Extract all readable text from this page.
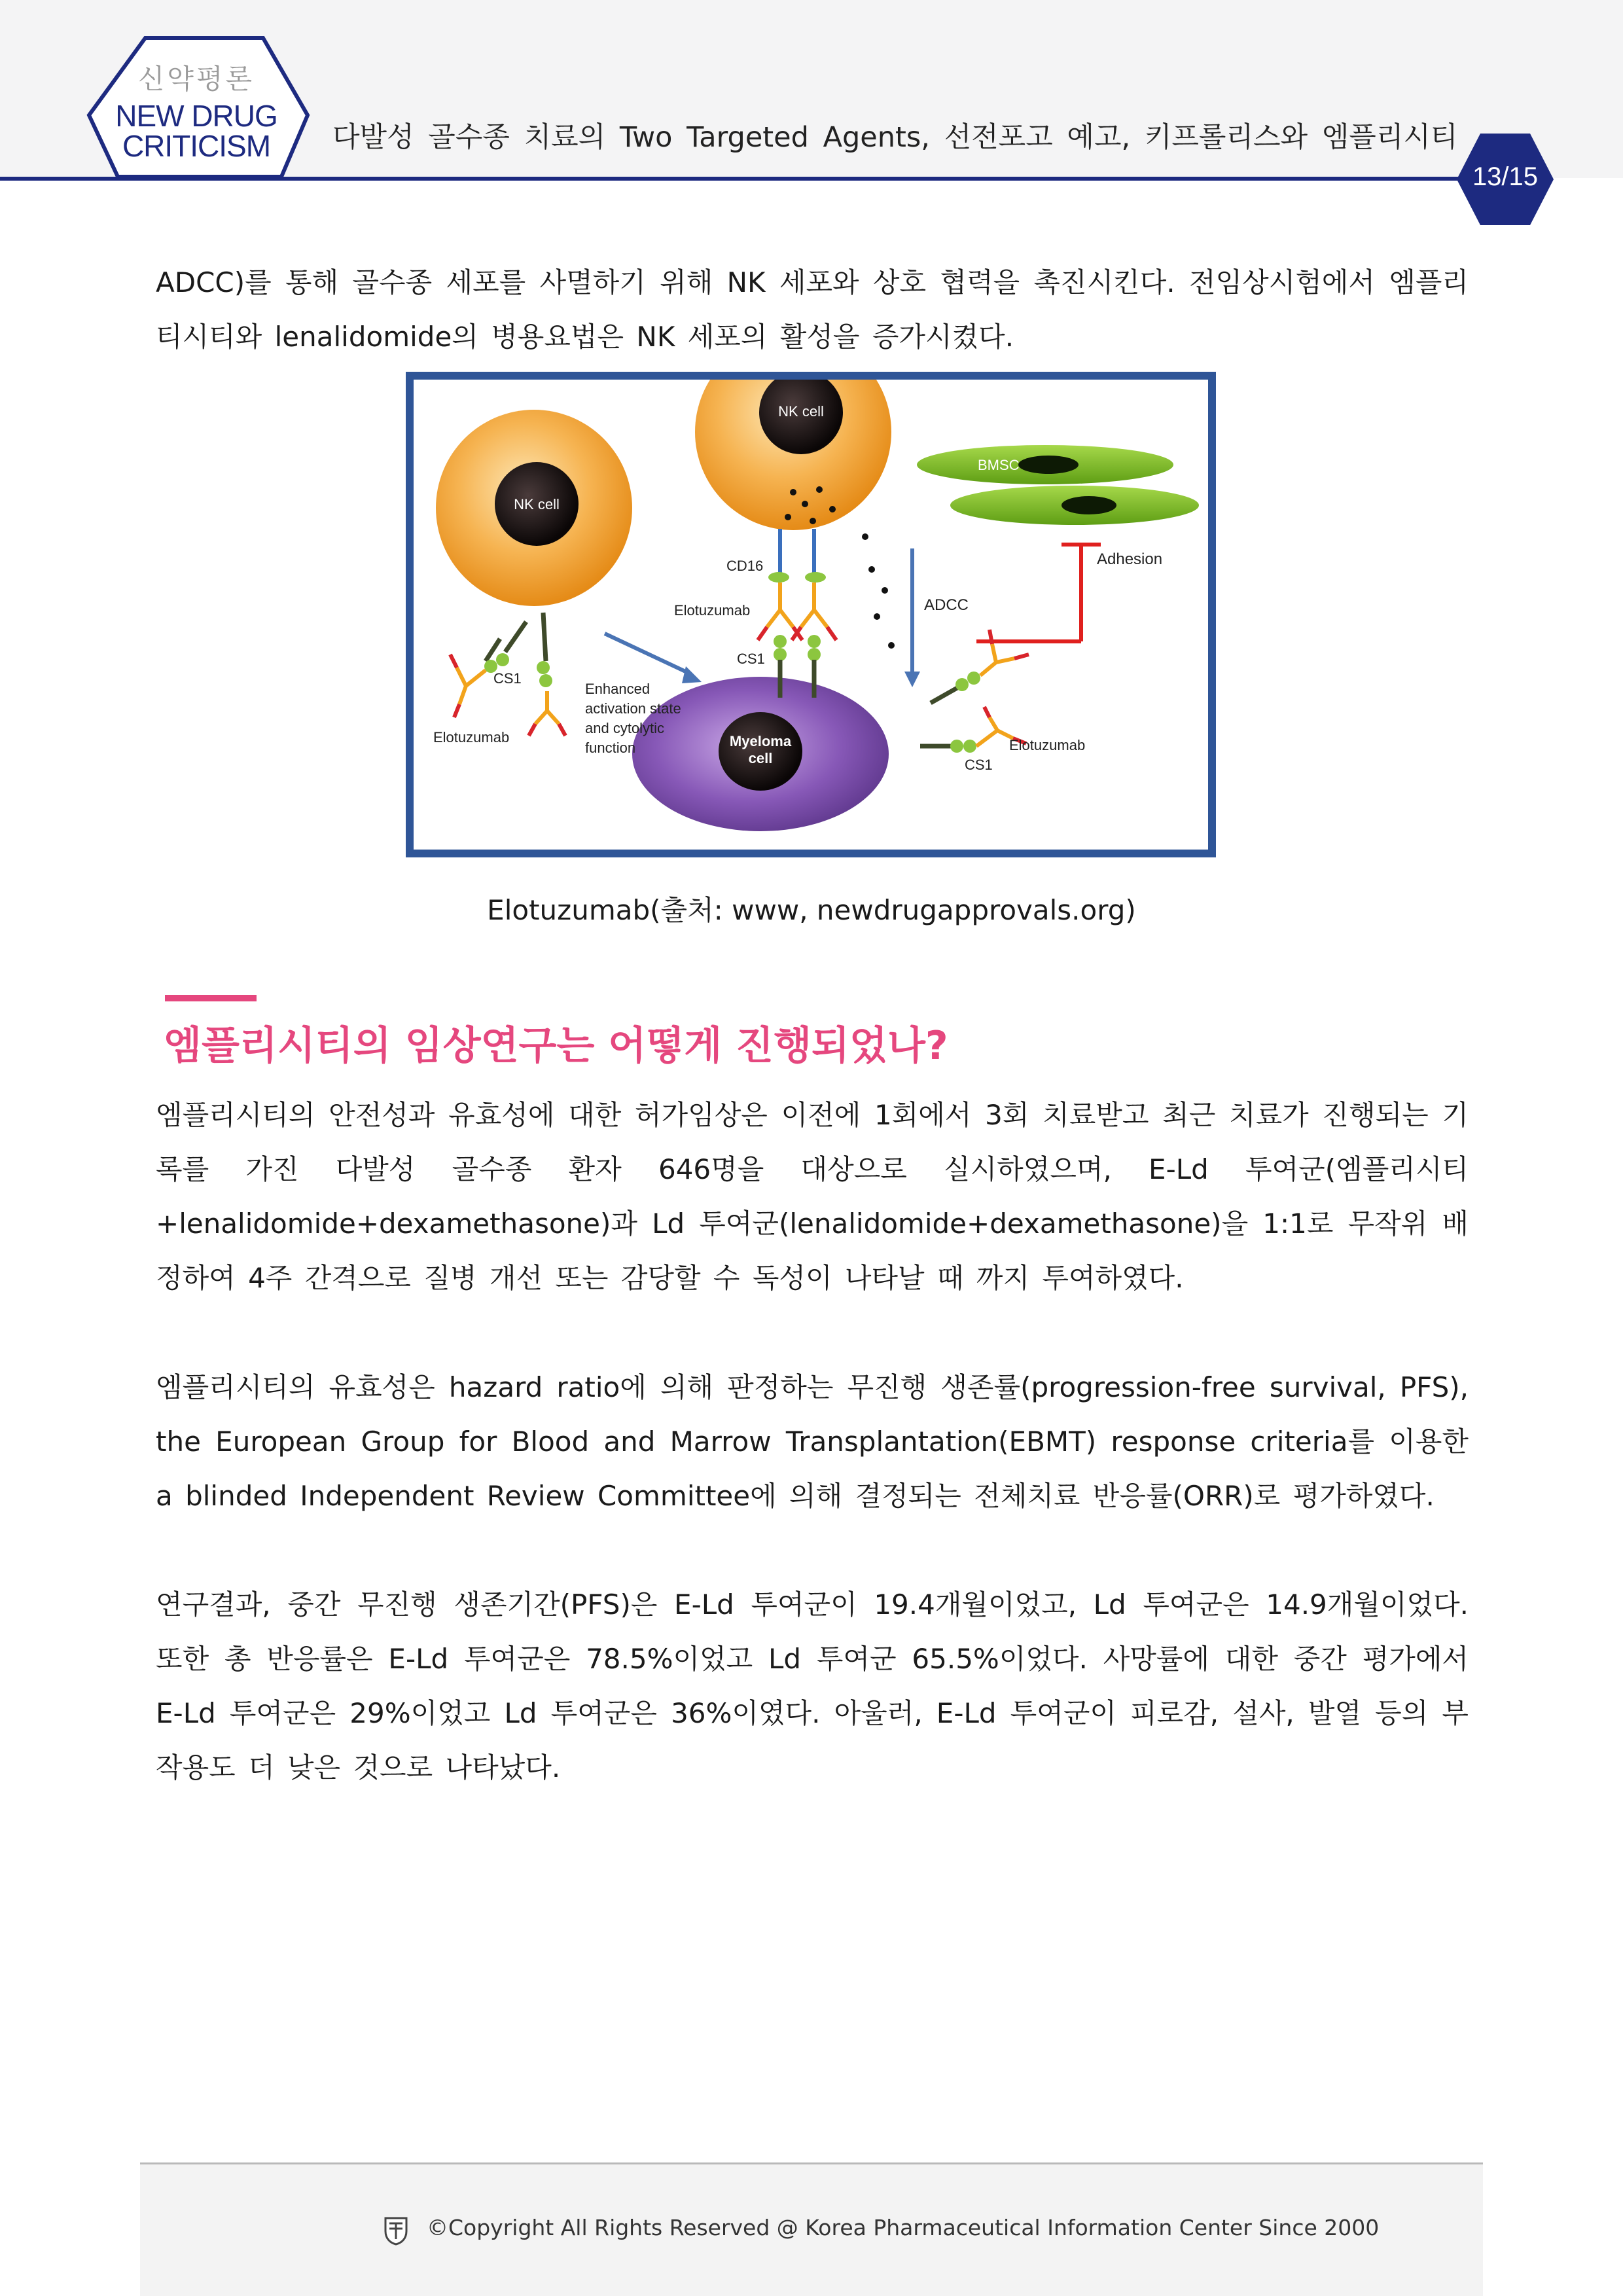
신약평론
NEW DRUG
CRITICISM	다발성 골수종 치료의 Two Targeted Agents, 선전포고 예고, 키프롤리스와 엠플리시티
13/15
ADCC)를 통해 골수종 세포를 사멸하기 위해 NK 세포와 상호 협력을 촉진시킨다. 전임상시험에서 엠플리티시티와 lenalidomide의 병용요법은 NK 세포의 활성을 증가시켰다.
Myeloma
cell
NK cell
NK cell
BMSC
Adhesion
ADCC
Enhanced
activation state
and cytolytic
function
CD16
Elotuzumab
CS1
CS1
Elotuzumab	Elotuzumab
CS1
Elotuzumab(출처: www, newdrugapprovals.org)
엠플리시티의 임상연구는 어떻게 진행되었나?
엠플리시티의 안전성과 유효성에 대한 허가임상은 이전에 1회에서 3회 치료받고 최근 치료가 진행되는 기록를 가진 다발성 골수종 환자 646명을 대상으로 실시하였으며, E-Ld 투여군(엠플리시티+lenalidomide+dexamethasone)과 Ld 투여군(lenalidomide+dexamethasone)을 1:1로 무작위 배정하여 4주 간격으로 질병 개선 또는 감당할 수 독성이 나타날 때 까지 투여하였다.
엠플리시티의 유효성은 hazard ratio에 의해 판정하는 무진행 생존률(progression-free survival, PFS), the European Group for Blood and Marrow Transplantation(EBMT) response criteria를 이용한 a blinded Independent Review Committee에 의해 결정되는 전체치료 반응률(ORR)로 평가하였다.
연구결과, 중간 무진행 생존기간(PFS)은 E-Ld 투여군이 19.4개월이었고, Ld 투여군은 14.9개월이었다. 또한 총 반응률은 E-Ld 투여군은 78.5%이었고 Ld 투여군 65.5%이었다. 사망률에 대한 중간 평가에서 E-Ld 투여군은 29%이었고 Ld 투여군은 36%이였다. 아울러, E-Ld 투여군이 피로감, 설사, 발열 등의 부작용도 더 낮은 것으로 나타났다.
©Copyright All Rights Reserved @ Korea Pharmaceutical Information Center Since 2000
